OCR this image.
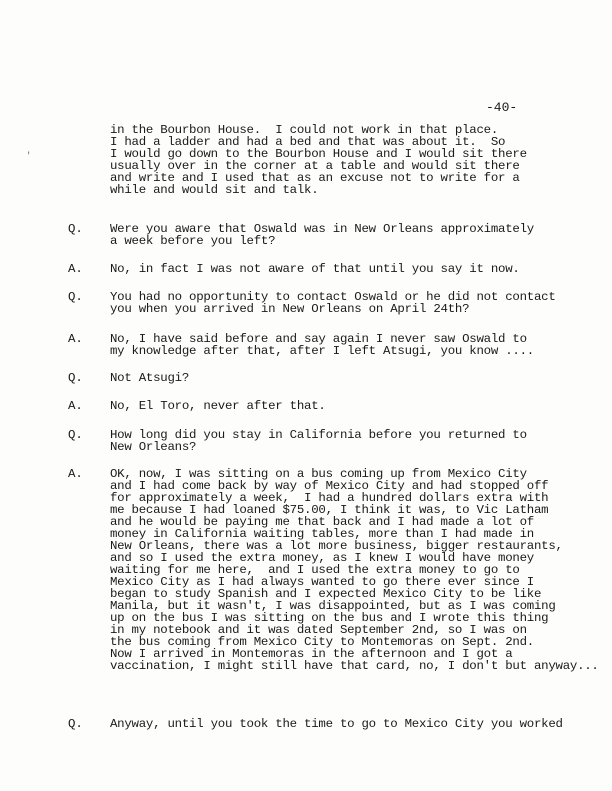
'
-40-
in the Bourbon House.  I could not work in that place.
I had a ladder and had a bed and that was about it.  So
I would go down to the Bourbon House and I would sit there
usually over in the corner at a table and would sit there
and write and I used that as an excuse not to write for a
while and would sit and talk.
Q. Were you aware that Oswald was in New Orleans approximately
a week before you left?
A. No, in fact I was not aware of that until you say it now.
Q. You had no opportunity to contact Oswald or he did not contact
you when you arrived in New Orleans on April 24th?
A. No, I have said before and say again I never saw Oswald to
my knowledge after that, after I left Atsugi, you know ....
Q. Not Atsugi?
A. No, El Toro, never after that.
Q. How long did you stay in California before you returned to
New Orleans?
A. OK, now, I was sitting on a bus coming up from Mexico City
and I had come back by way of Mexico City and had stopped off
for approximately a week,  I had a hundred dollars extra with
me because I had loaned $75.00, I think it was, to Vic Latham
and he would be paying me that back and I had made a lot of
money in California waiting tables, more than I had made in
New Orleans, there was a lot more business, bigger restaurants,
and so I used the extra money, as I knew I would have money
waiting for me here,  and I used the extra money to go to
Mexico City as I had always wanted to go there ever since I
began to study Spanish and I expected Mexico City to be like
Manila, but it wasn't, I was disappointed, but as I was coming
up on the bus I was sitting on the bus and I wrote this thing
in my notebook and it was dated September 2nd, so I was on
the bus coming from Mexico City to Montemoras on Sept. 2nd.
Now I arrived in Montemoras in the afternoon and I got a
vaccination, I might still have that card, no, I don't but anyway...
Q. Anyway, until you took the time to go to Mexico City you worked
